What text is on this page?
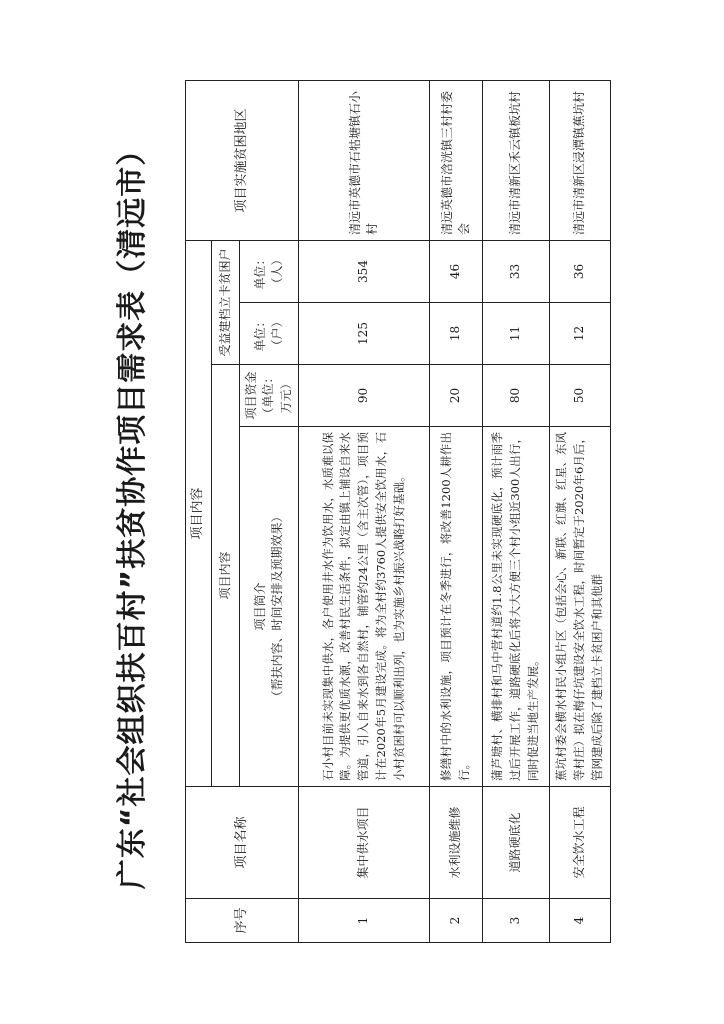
广东“社会组织扶百村”扶贫协作项目需求表（清远市）
序号	项目名称	项目内容				项目实施贫困地区
		项目内容		受益建档立卡贫困户		

		项目简介 （帮扶内容、时间安排及预期效果）	项目资金（单位：万元）	单位：（户）	单位：（人）	
1	集中供水项目	石小村目前未实现集中供水，各户使用井水作为饮用水，水质难以保障。为提供更优质水源，改善村民生活条件，拟定由镇上铺设自来水管道，引入自来水到各自然村，铺管约24公里（含主次管），项目预计在2020年5月建设完成。将为全村约3760人提供安全饮用水，石小村贫困村可以顺利出列，也为实施乡村振兴战略打好基础。	90	125	354	清远市英德市石牯塘镇石小村
2	水利设施维修	修缮村中的水利设施，项目预计在冬季进行，将改善1200人耕作出行。	20	18	46	清远英德市浛洸镇三村村委会
3	道路硬底化	蒲芦塘村、横排村和马中营村道约1.8公里未实现硬底化，预计雨季过后开展工作，道路硬底化后将大大方便三个村小组近300人出行，同时促进当地生产发展。	80	11	33	清远市清新区禾云镇板坑村
4	安全饮水工程	蕉坑村委会横水村民小组片区（包括会心、新联、红旗、红星、东风等村庄）拟在梅仔坑建设安全饮水工程，时间暂定于2020年6月后，管网建成后除了建档立卡贫困户和其他群	50	12	36	清远市清新区浸潭镇蕉坑村
